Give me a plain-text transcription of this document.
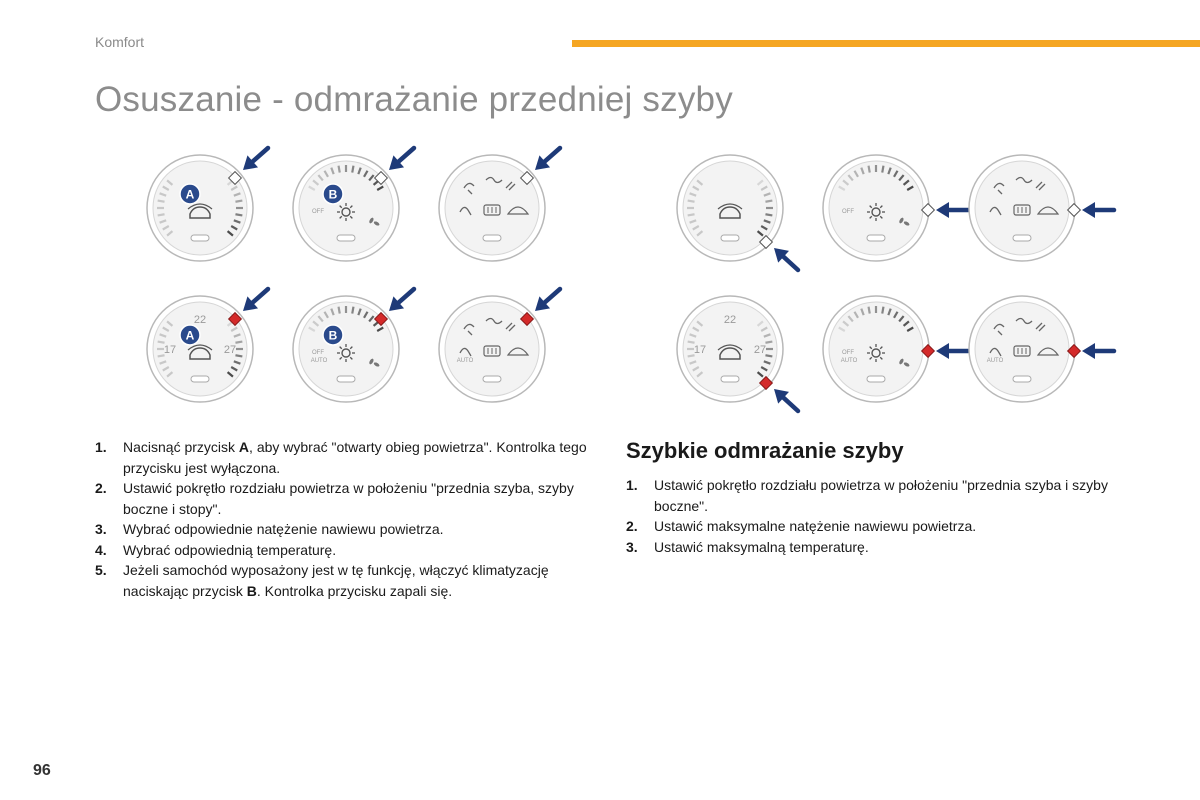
Komfort
Osuszanie - odmrażanie przedniej szyby
A
OFF
B
OFF
17
22
27
A
OFF
AUTO
B
AUTO
17
22
27	OFF
AUTO	AUTO

1. Nacisnąć przycisk A, aby wybrać "otwarty obieg powietrza". Kontrolka tego przycisku jest wyłączona.

2. Ustawić pokrętło rozdziału powietrza w położeniu "przednia szyba, szyby boczne i stopy".

3. Wybrać odpowiednie natężenie nawiewu powietrza.

4. Wybrać odpowiednią temperaturę.

5. Jeżeli samochód wyposażony jest w tę funkcję, włączyć klimatyzację naciskając przycisk B. Kontrolka przycisku zapali się.

Szybkie odmrażanie szyby

1. Ustawić pokrętło rozdziału powietrza w położeniu "przednia szyba i szyby boczne".

2. Ustawić maksymalne natężenie nawiewu powietrza.

3. Ustawić maksymalną temperaturę.

96
